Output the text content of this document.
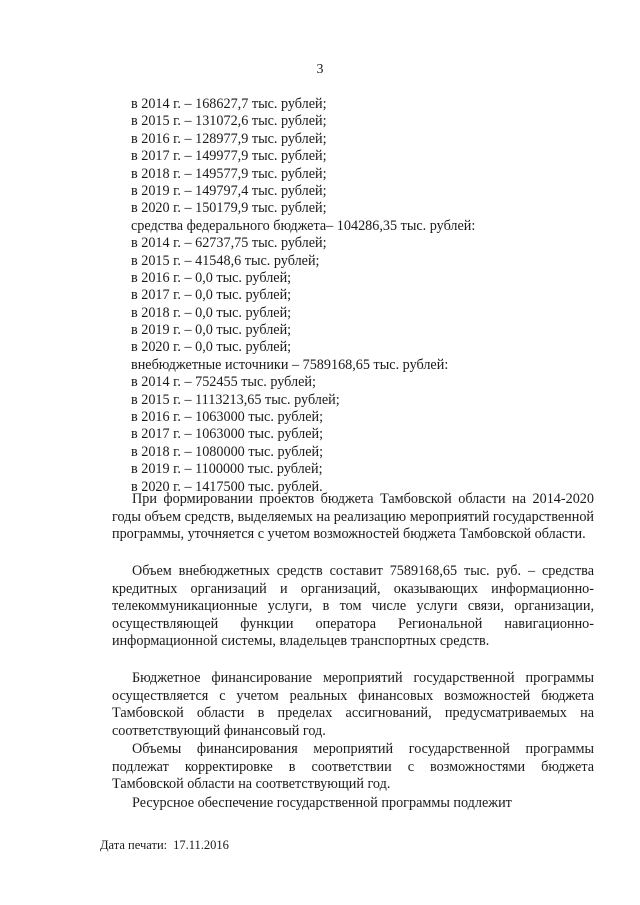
3
в 2014 г. – 168627,7 тыс. рублей;
в 2015 г. – 131072,6 тыс. рублей;
в 2016 г. – 128977,9 тыс. рублей;
в 2017 г. – 149977,9 тыс. рублей;
в 2018 г. – 149577,9 тыс. рублей;
в 2019 г. – 149797,4 тыс. рублей;
в 2020 г. – 150179,9 тыс. рублей;
средства федерального бюджета– 104286,35 тыс. рублей:
в 2014 г. – 62737,75 тыс. рублей;
в 2015 г. – 41548,6 тыс. рублей;
в 2016 г. – 0,0 тыс. рублей;
в 2017 г. – 0,0 тыс. рублей;
в 2018 г. – 0,0 тыс. рублей;
в 2019 г. – 0,0 тыс. рублей;
в 2020 г. – 0,0 тыс. рублей;
внебюджетные источники – 7589168,65 тыс. рублей:
в 2014 г. – 752455 тыс. рублей;
в 2015 г. – 1113213,65 тыс. рублей;
в 2016 г. – 1063000 тыс. рублей;
в 2017 г. – 1063000 тыс. рублей;
в 2018 г. – 1080000 тыс. рублей;
в 2019 г. – 1100000 тыс. рублей;
в 2020 г. – 1417500 тыс. рублей.
При формировании проектов бюджета Тамбовской области на 2014-2020 годы объем средств, выделяемых на реализацию мероприятий государственной программы, уточняется с учетом возможностей бюджета Тамбовской области.
Объем внебюджетных средств составит 7589168,65 тыс. руб. – средства кредитных организаций и организаций, оказывающих информационно-телекоммуникационные услуги, в том числе услуги связи, организации, осуществляющей функции оператора Региональной навигационно-информационной системы, владельцев транспортных средств.
Бюджетное финансирование мероприятий государственной программы осуществляется с учетом реальных финансовых возможностей бюджета Тамбовской области в пределах ассигнований, предусматриваемых на соответствующий финансовый год.
Объемы финансирования мероприятий государственной программы подлежат корректировке в соответствии с возможностями бюджета Тамбовской области на соответствующий год.
Ресурсное обеспечение государственной программы подлежит
Дата печати: 17.11.2016
